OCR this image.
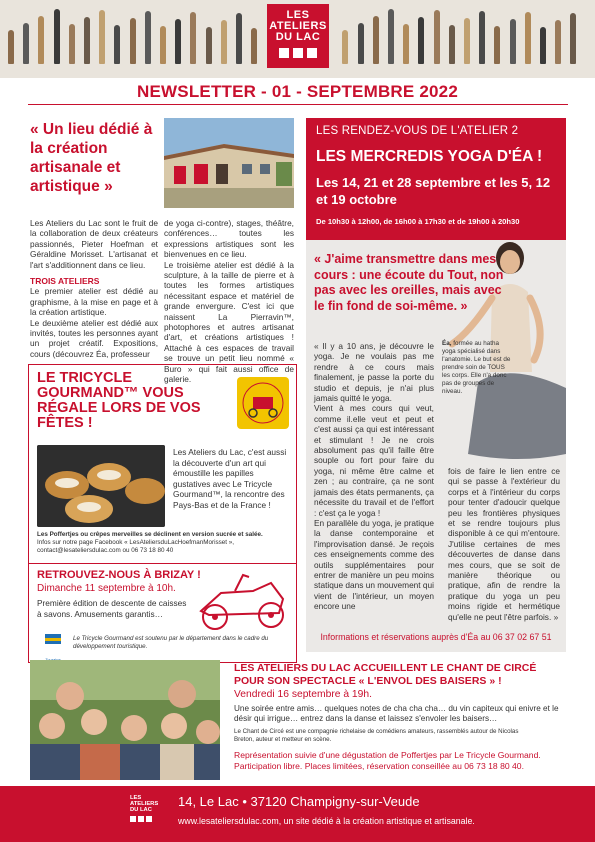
LES
ATELIERS
DU LAC
NEWSLETTER - 01 - SEPTEMBRE 2022
« Un lieu dédié à la création artisanale et artistique »
Les Ateliers du Lac sont le fruit de la collaboration de deux créateurs passionnés, Pieter Hoefman et Géraldine Morisset. L'artisanat et l'art s'additionnent dans ce lieu.
TROIS ATELIERS
Le premier atelier est dédié au graphisme, à la mise en page et à la création artistique.
Le deuxième atelier est dédié aux invités, toutes les personnes ayant un projet créatif. Expositions, cours (découvrez Éa, professeur
de yoga ci-contre), stages, théâtre, conférences… toutes les expressions artistiques sont les bienvenues en ce lieu.
Le troisième atelier est dédié à la sculpture, à la taille de pierre et à toutes les formes artistiques nécessitant espace et matériel de grande envergure. C'est ici que naissent La Pierravin™, photophores et autres artisanat d'art, et créations artistiques ! Attaché à ces espaces de travail se trouve un petit lieu nommé « Buro » qui fait aussi office de galerie.
LE TRICYCLE GOURMAND™ VOUS RÉGALE LORS DE VOS FÊTES !
Les Ateliers du Lac, c'est aussi la découverte d'un art qui émoustille les papilles gustatives avec Le Tricycle Gourmand™, la rencontre des Pays-Bas et de la France !
Les Poffertjes ou crêpes merveilles se déclinent en version sucrée et salée.
Infos sur notre page Facebook « LesAteliersduLacHoefmanMorisset »,
contact@lesateliersdulac.com ou 06 73 18 80 40
RETROUVEZ-NOUS À BRIZAY !
Dimanche 11 septembre à 10h.
Première édition de descente de caisses à savons. Amusements garantis…
Le Tricycle Gourmand est soutenu par le département dans le cadre du développement touristique.
LES RENDEZ-VOUS DE L'ATELIER 2
LES MERCREDIS YOGA D'ÉA !
Les 14, 21 et 28 septembre et les 5, 12 et 19 octobre
De 10h30 à 12h00, de 16h00 à 17h30 et de 19h00 à 20h30
« J'aime transmettre dans mes cours : une écoute du Tout, non pas avec les oreilles, mais avec le fin fond de soi-même. »
Éa, formée au hatha yoga spécialisé dans l'anatomie. Le but est de prendre soin de TOUS les corps. Elle n'a donc pas de groupes de niveau.
« Il y a 10 ans, je découvre le yoga. Je ne voulais pas me rendre à ce cours mais finalement, je passe la porte du studio et depuis, je n'ai plus jamais quitté le yoga.
Vient à mes cours qui veut, comme il.elle veut et peut et c'est aussi ça qui est intéressant et stimulant ! Je ne crois absolument pas qu'il faille être souple ou fort pour faire du yoga, ni même être calme et zen ; au contraire, ça ne sont jamais des états permanents, ça nécessite du travail et de l'effort : c'est ça le yoga !
En parallèle du yoga, je pratique la danse contemporaine et l'improvisation dansé. Je reçois ces enseignements comme des outils supplémentaires pour entrer de manière un peu moins statique dans un mouvement qui vient de l'intérieur, un moyen encore une
fois de faire le lien entre ce qui se passe à l'extérieur du corps et à l'intérieur du corps pour tenter d'adoucir quelque peu les frontières physiques et se rendre toujours plus disponible à ce qui m'entoure. J'utilise certaines de mes découvertes de danse dans mes cours, que se soit de manière théorique ou pratique, afin de rendre la pratique du yoga un peu moins rigide et hermétique qu'elle ne peut l'être parfois. »
Informations et réservations auprès d'Éa au 06 37 02 67 51
LES ATELIERS DU LAC ACCUEILLENT LE CHANT DE CIRCÉ POUR SON SPECTACLE « L'ENVOL DES BAISERS » !
Vendredi 16 septembre à 19h.
Une soirée entre amis… quelques notes de cha cha cha… du vin capiteux qui enivre et le désir qui irrigue… entrez dans la danse et laissez s'envoler les baisers…
Le Chant de Circé est une compagnie richelaise de comédiens amateurs, rassemblés autour de Nicolas Breton, auteur et metteur en scène.
Représentation suivie d'une dégustation de Poffertjes par Le Tricycle Gourmand. Participation libre. Places limitées, réservation conseillée au 06 73 18 80 40.
LES
ATELIERS
DU LAC
14, Le Lac • 37120 Champigny-sur-Veude
www.lesateliersdulac.com, un site dédié à la création artistique et artisanale.
